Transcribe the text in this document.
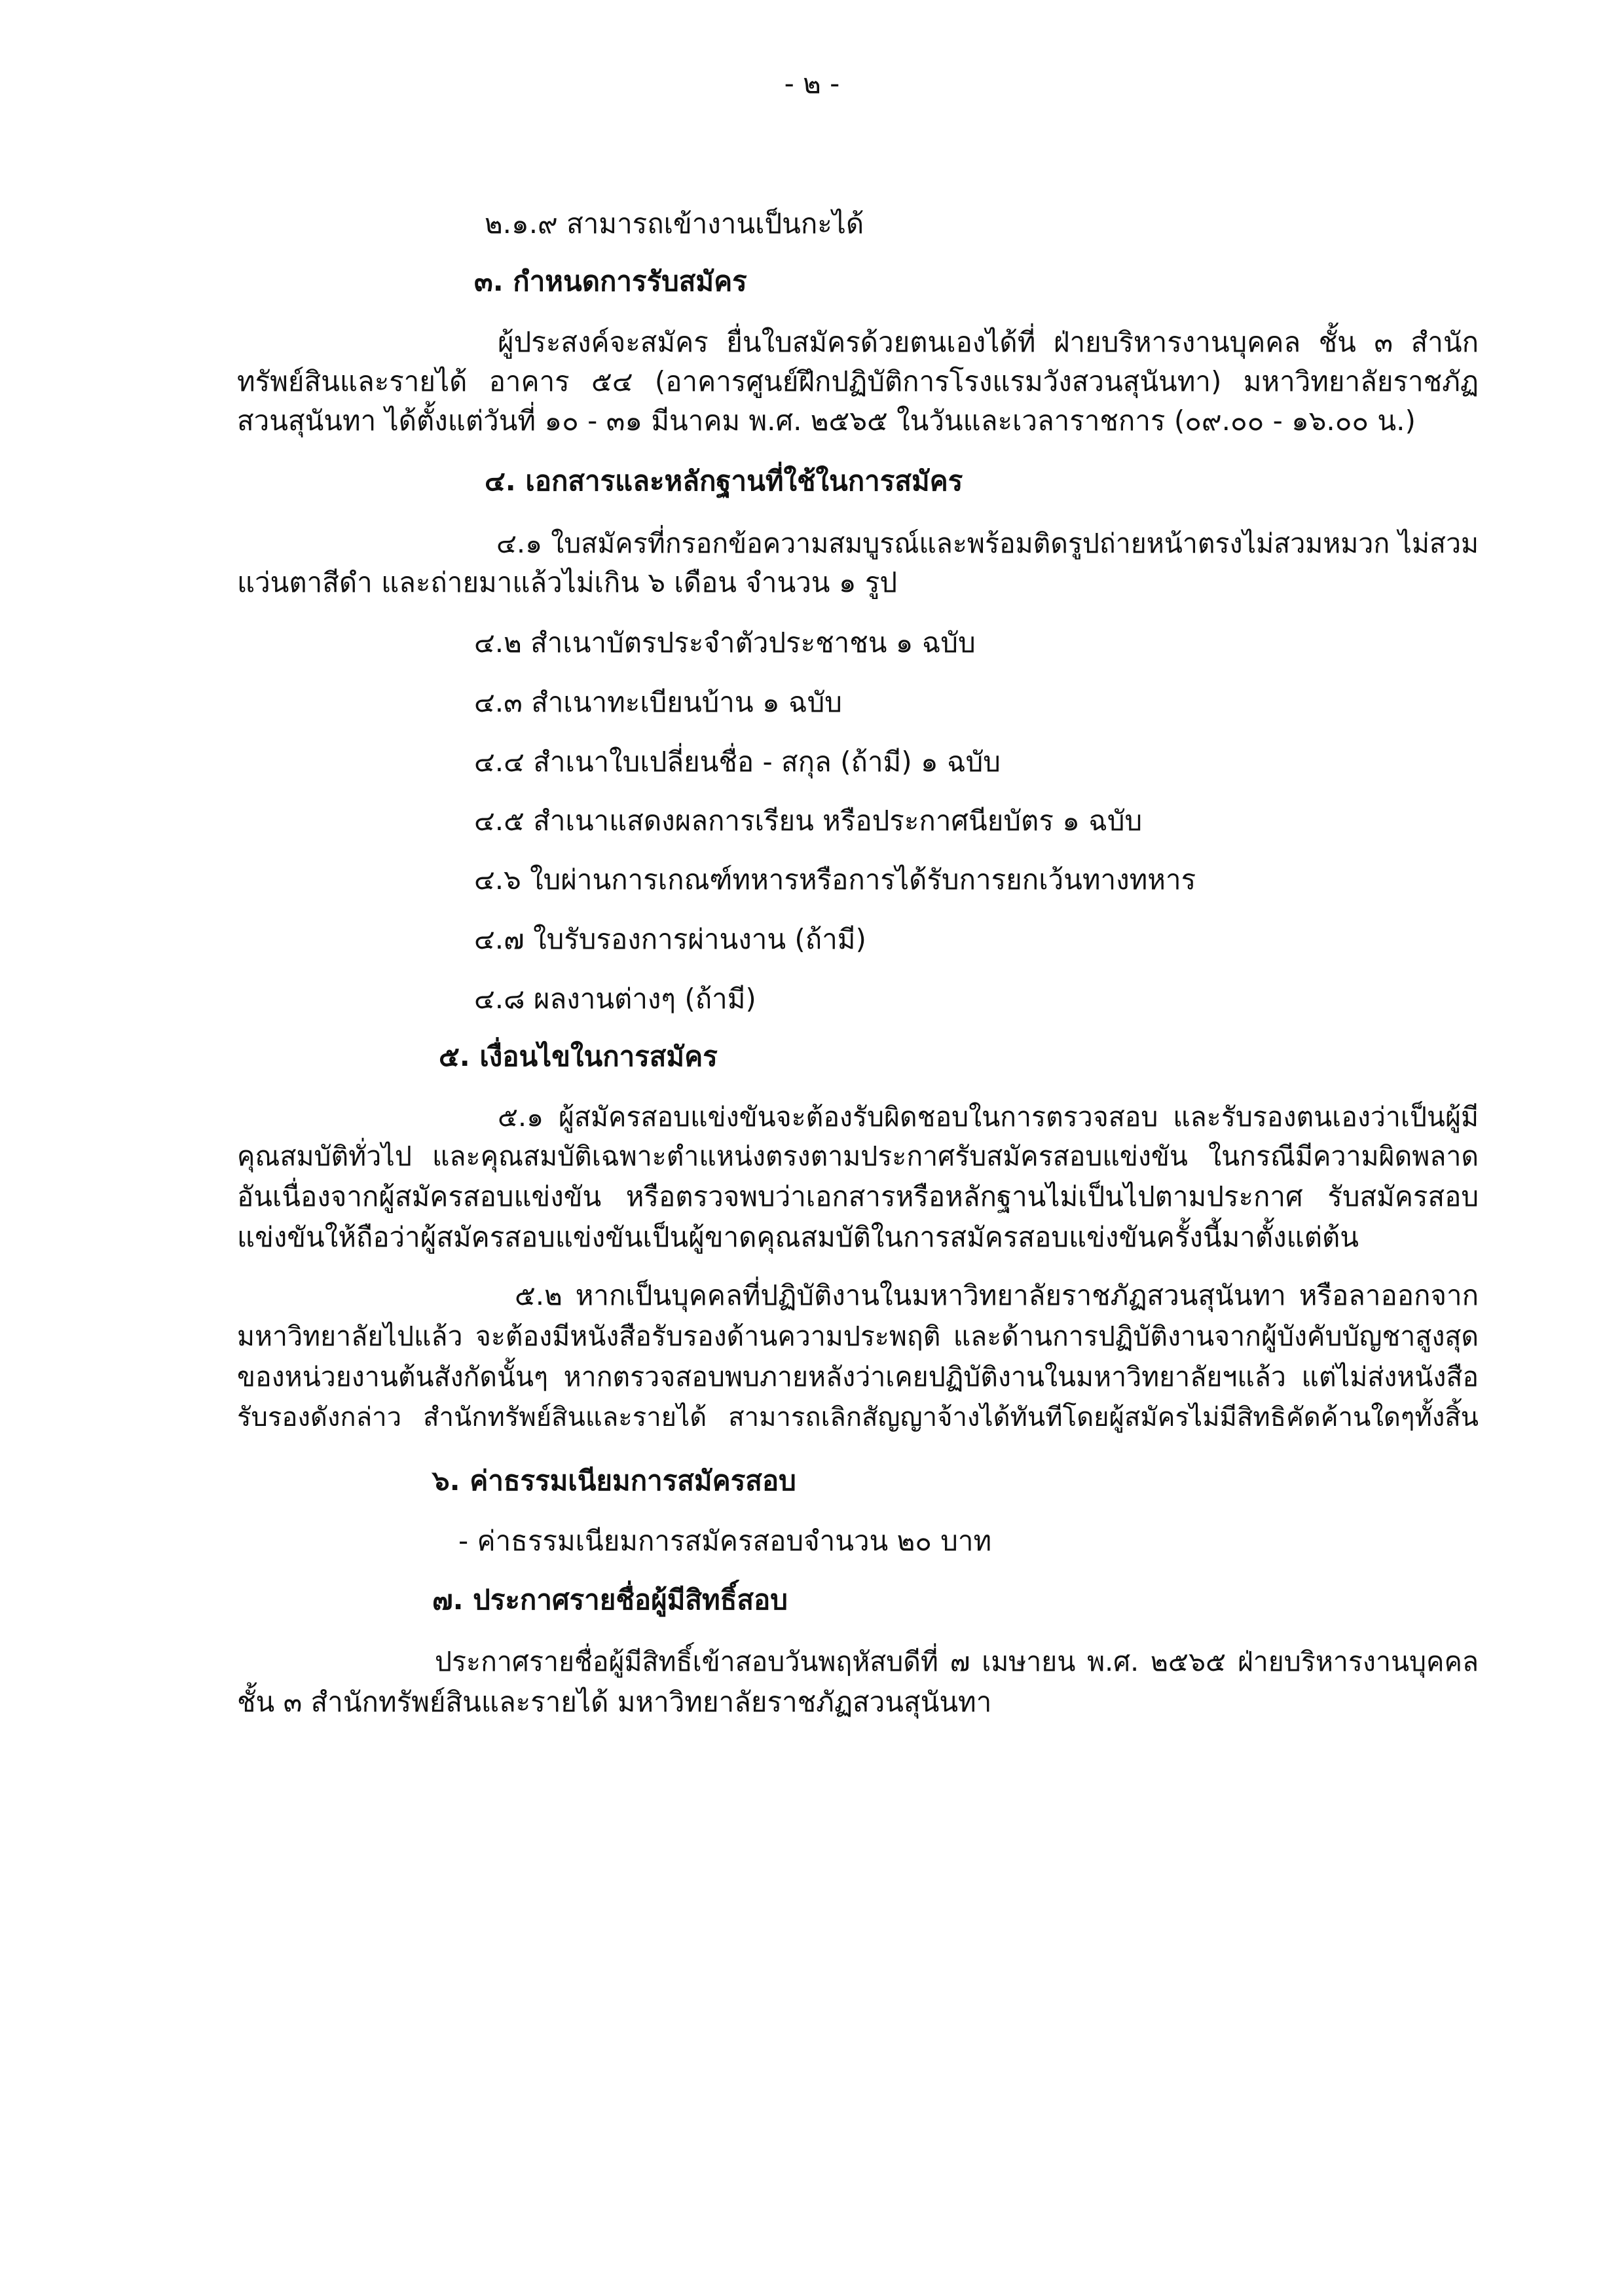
- ๒ -
๒.๑.๙ สามารถเข้างานเป็นกะได้
๓. กำหนดการรับสมัคร
ผู้ประสงค์จะสมัคร ยื่นใบสมัครด้วยตนเองได้ที่ ฝ่ายบริหารงานบุคคล ชั้น ๓ สำนัก
ทรัพย์สินและรายได้ อาคาร ๕๔ (อาคารศูนย์ฝึกปฏิบัติการโรงแรมวังสวนสุนันทา) มหาวิทยาลัยราชภัฏ
สวนสุนันทา ได้ตั้งแต่วันที่ ๑๐ - ๓๑ มีนาคม พ.ศ. ๒๕๖๕ ในวันและเวลาราชการ (๐๙.๐๐ - ๑๖.๐๐ น.)
๔. เอกสารและหลักฐานที่ใช้ในการสมัคร
๔.๑ ใบสมัครที่กรอกข้อความสมบูรณ์และพร้อมติดรูปถ่ายหน้าตรงไม่สวมหมวก ไม่สวม
แว่นตาสีดำ และถ่ายมาแล้วไม่เกิน ๖ เดือน จำนวน ๑ รูป
๔.๒ สำเนาบัตรประจำตัวประชาชน ๑ ฉบับ
๔.๓ สำเนาทะเบียนบ้าน ๑ ฉบับ
๔.๔ สำเนาใบเปลี่ยนชื่อ - สกุล (ถ้ามี) ๑ ฉบับ
๔.๕ สำเนาแสดงผลการเรียน หรือประกาศนียบัตร ๑ ฉบับ
๔.๖ ใบผ่านการเกณฑ์ทหารหรือการได้รับการยกเว้นทางทหาร
๔.๗ ใบรับรองการผ่านงาน (ถ้ามี)
๔.๘ ผลงานต่างๆ (ถ้ามี)
๕. เงื่อนไขในการสมัคร
๕.๑ ผู้สมัครสอบแข่งขันจะต้องรับผิดชอบในการตรวจสอบ และรับรองตนเองว่าเป็นผู้มี
คุณสมบัติทั่วไป และคุณสมบัติเฉพาะตำแหน่งตรงตามประกาศรับสมัครสอบแข่งขัน ในกรณีมีความผิดพลาด
อันเนื่องจากผู้สมัครสอบแข่งขัน หรือตรวจพบว่าเอกสารหรือหลักฐานไม่เป็นไปตามประกาศ รับสมัครสอบ
แข่งขันให้ถือว่าผู้สมัครสอบแข่งขันเป็นผู้ขาดคุณสมบัติในการสมัครสอบแข่งขันครั้งนี้มาตั้งแต่ต้น
๕.๒ หากเป็นบุคคลที่ปฏิบัติงานในมหาวิทยาลัยราชภัฏสวนสุนันทา หรือลาออกจาก
มหาวิทยาลัยไปแล้ว จะต้องมีหนังสือรับรองด้านความประพฤติ และด้านการปฏิบัติงานจากผู้บังคับบัญชาสูงสุด
ของหน่วยงานต้นสังกัดนั้นๆ หากตรวจสอบพบภายหลังว่าเคยปฏิบัติงานในมหาวิทยาลัยฯแล้ว แต่ไม่ส่งหนังสือ
รับรองดังกล่าว สำนักทรัพย์สินและรายได้ สามารถเลิกสัญญาจ้างได้ทันทีโดยผู้สมัครไม่มีสิทธิคัดค้านใดๆทั้งสิ้น
๖. ค่าธรรมเนียมการสมัครสอบ
- ค่าธรรมเนียมการสมัครสอบจำนวน ๒๐ บาท
๗. ประกาศรายชื่อผู้มีสิทธิ์สอบ
ประกาศรายชื่อผู้มีสิทธิ์เข้าสอบวันพฤหัสบดีที่ ๗ เมษายน พ.ศ. ๒๕๖๕ ฝ่ายบริหารงานบุคคล
ชั้น ๓ สำนักทรัพย์สินและรายได้ มหาวิทยาลัยราชภัฏสวนสุนันทา
